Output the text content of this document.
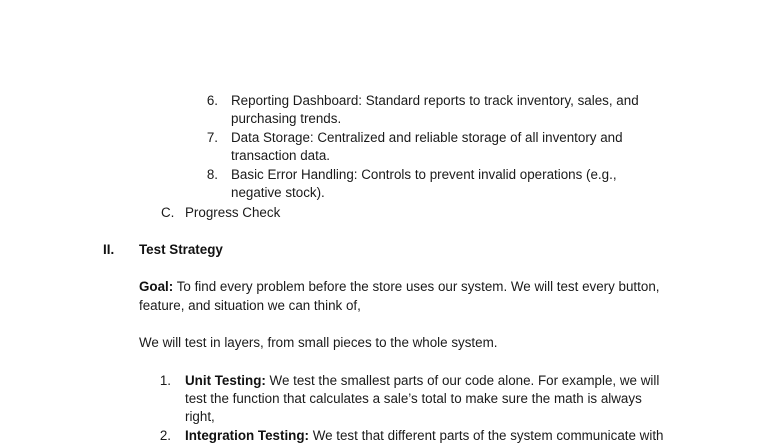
6. Reporting Dashboard: Standard reports to track inventory, sales, and
purchasing trends.
7. Data Storage: Centralized and reliable storage of all inventory and
transaction data.
8. Basic Error Handling: Controls to prevent invalid operations (e.g.,
negative stock).
C. Progress Check
II. Test Strategy
Goal: To find every problem before the store uses our system. We will test every button,
feature, and situation we can think of,
We will test in layers, from small pieces to the whole system.
1. Unit Testing: We test the smallest parts of our code alone. For example, we will
test the function that calculates a sale’s total to make sure the math is always
right,
2. Integration Testing: We test that different parts of the system communicate with
